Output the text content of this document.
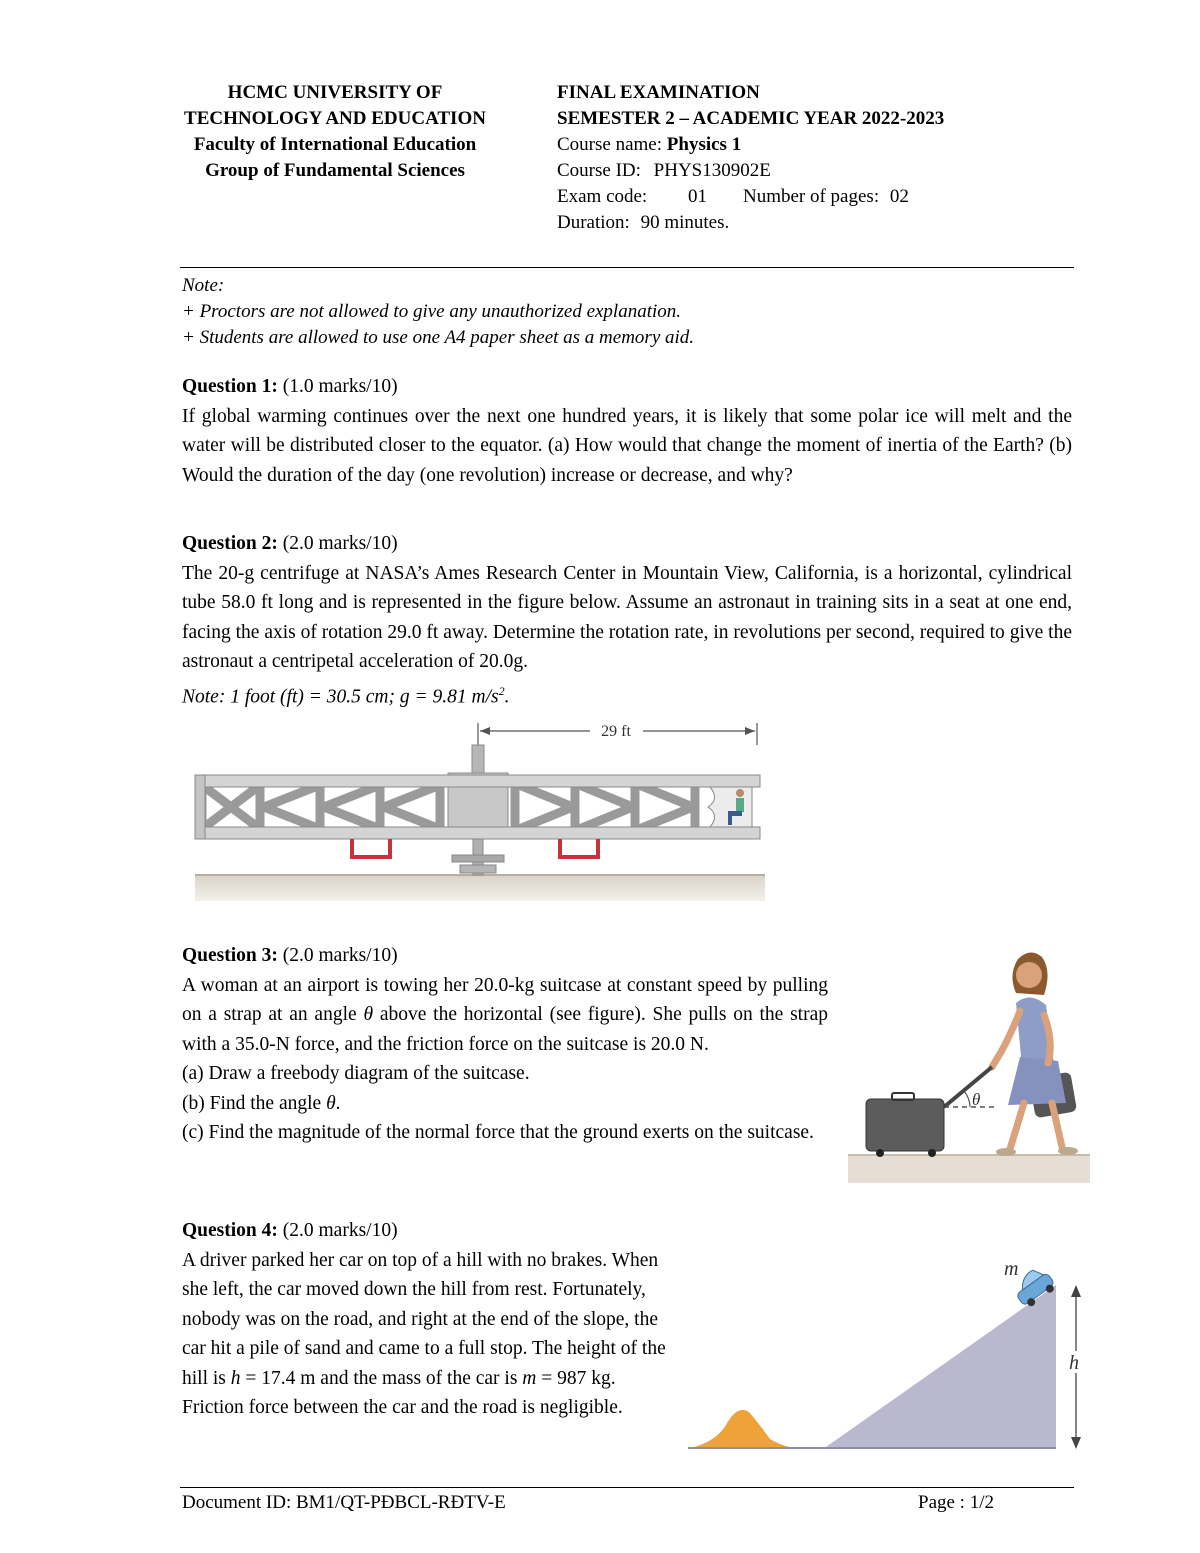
HCMC UNIVERSITY OF
TECHNOLOGY AND EDUCATION
Faculty of International Education
Group of Fundamental Sciences
FINAL EXAMINATION
SEMESTER 2 – ACADEMIC YEAR 2022-2023
Course name: Physics 1
Course ID: PHYS130902E
Exam code: 01 Number of pages: 02
Duration: 90 minutes.
Note:
+ Proctors are not allowed to give any unauthorized explanation.
+ Students are allowed to use one A4 paper sheet as a memory aid.

Question 1: (1.0 marks/10)

If global warming continues over the next one hundred years, it is likely that some polar ice will melt and the water will be distributed closer to the equator. (a) How would that change the moment of inertia of the Earth? (b) Would the duration of the day (one revolution) increase or decrease, and why?

Question 2: (2.0 marks/10)

The 20-g centrifuge at NASA’s Ames Research Center in Mountain View, California, is a horizontal, cylindrical tube 58.0 ft long and is represented in the figure below. Assume an astronaut in training sits in a seat at one end, facing the axis of rotation 29.0 ft away. Determine the rotation rate, in revolutions per second, required to give the astronaut a centripetal acceleration of 20.0g.

Note: 1 foot (ft) = 30.5 cm; g = 9.81 $m/s^2$.

29 ft

Question 3: (2.0 marks/10)

A woman at an airport is towing her 20.0-kg suitcase at constant speed by pulling on a strap at an angle θ above the horizontal (see figure). She pulls on the strap with a 35.0-N force, and the friction force on the suitcase is 20.0 N.

(a) Draw a freebody diagram of the suitcase.

(b) Find the angle θ.

(c) Find the magnitude of the normal force that the ground exerts on the suitcase.

θ

Question 4: (2.0 marks/10)

A driver parked her car on top of a hill with no brakes. When she left, the car moved down the hill from rest. Fortunately, nobody was on the road, and right at the end of the slope, the car hit a pile of sand and came to a full stop. The height of the hill is h = 17.4 m and the mass of the car is m = 987 kg. Friction force between the car and the road is negligible.

m
h
Document ID: BM1/QT-PĐBCL-RĐTV-E	Page : 1/2
